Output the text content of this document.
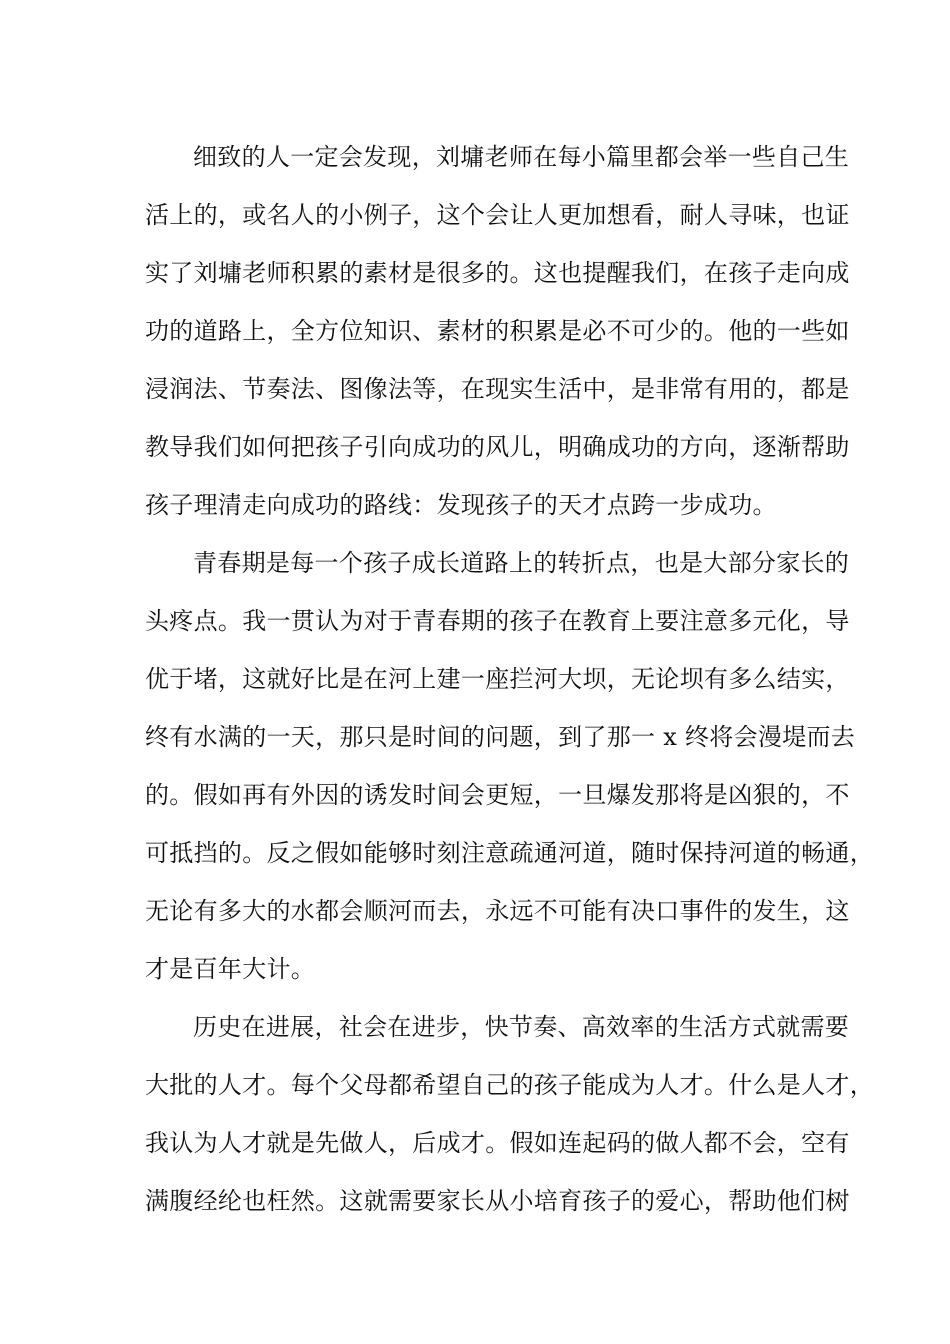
细致的人一定会发现，刘墉老师在每小篇里都会举一些自己生
活上的，或名人的小例子，这个会让人更加想看，耐人寻味，也证
实了刘墉老师积累的素材是很多的。这也提醒我们，在孩子走向成
功的道路上，全方位知识、素材的积累是必不可少的。他的一些如
浸润法、节奏法、图像法等，在现实生活中，是非常有用的，都是
教导我们如何把孩子引向成功的风儿，明确成功的方向，逐渐帮助
孩子理清走向成功的路线：发现孩子的天才点跨一步成功。
青春期是每一个孩子成长道路上的转折点，也是大部分家长的
头疼点。我一贯认为对于青春期的孩子在教育上要注意多元化，导
优于堵，这就好比是在河上建一座拦河大坝，无论坝有多么结实，
终有水满的一天，那只是时间的问题，到了那一 x 终将会漫堤而去
的。假如再有外因的诱发时间会更短，一旦爆发那将是凶狠的，不
可抵挡的。反之假如能够时刻注意疏通河道，随时保持河道的畅通，
无论有多大的水都会顺河而去，永远不可能有决口事件的发生，这
才是百年大计。
历史在进展，社会在进步，快节奏、高效率的生活方式就需要
大批的人才。每个父母都希望自己的孩子能成为人才。什么是人才，
我认为人才就是先做人，后成才。假如连起码的做人都不会，空有
满腹经纶也枉然。这就需要家长从小培育孩子的爱心，帮助他们树
